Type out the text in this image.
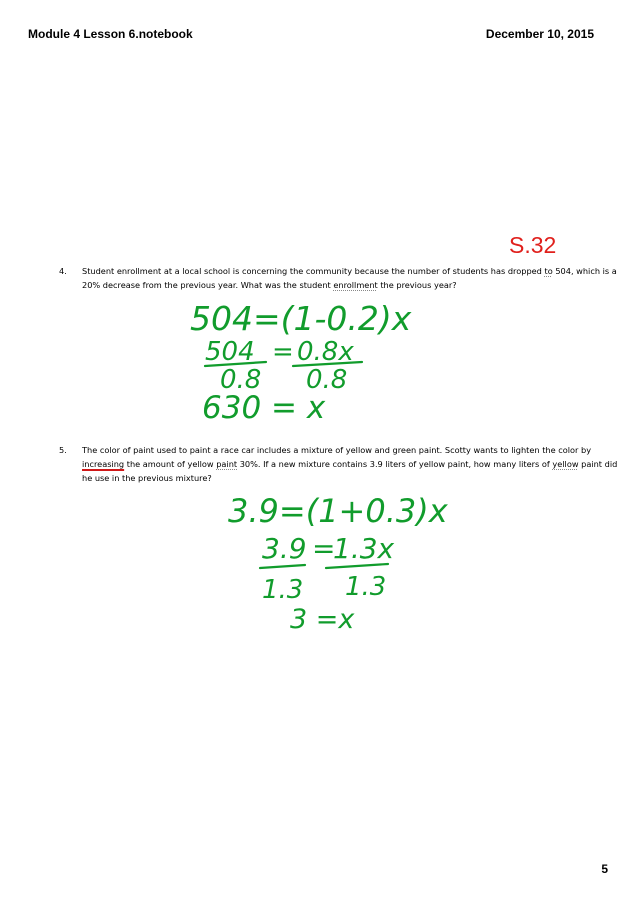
Module 4 Lesson 6.notebook	December 10, 2015
S.32
4. Student enrollment at a local school is concerning the community because the number of students has dropped to 504, which is a 20% decrease from the previous year. What was the student enrollment the previous year?
5. The color of paint used to paint a race car includes a mixture of yellow and green paint. Scotty wants to lighten the color by increasing the amount of yellow paint 30%. If a new mixture contains 3.9 liters of yellow paint, how many liters of yellow paint did he use in the previous mixture?
504=(1-0.2)x
504 = 0.8x
0.8 0.8
630 = x
3.9=(1+0.3)x
3.9 =
1.3x
1.3 1.3
3 =x
5
